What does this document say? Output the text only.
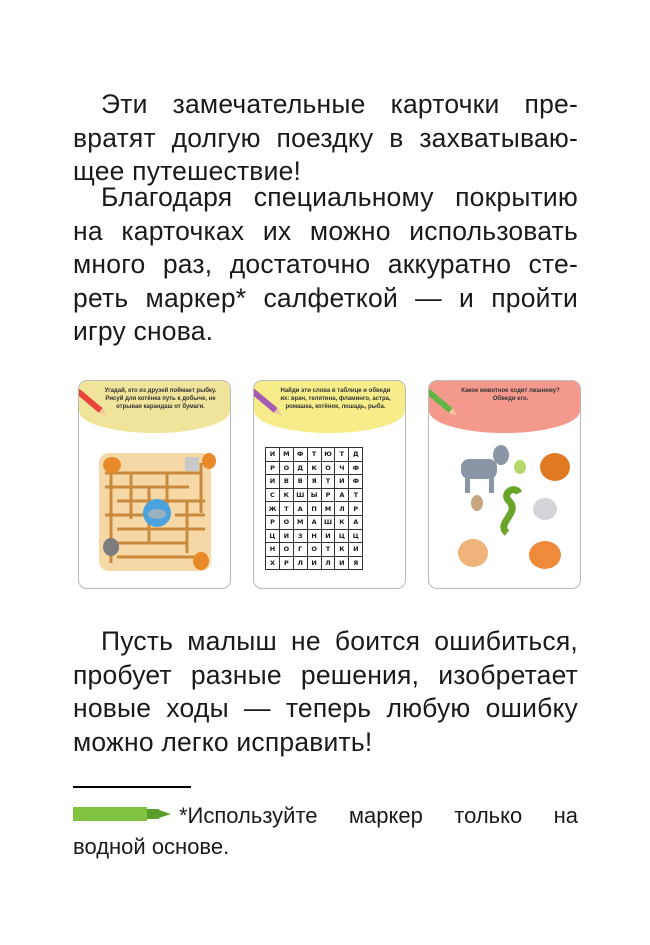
Эти замечательные карточки пре-вратят долгую поездку в захватываю-щее путешествие!

Благодаря специальному покрытию на карточках их можно использовать много раз, достаточно аккуратно сте-реть маркер* салфеткой — и пройти игру снова.

Угадай, кто из друзей поймает рыбку. Рисуй для котёнка путь к добыче, не отрывая карандаш от бумаги.
Найди эти слова в таблице и обведи их: врач, телятина, фламинго, астра, ромашка, котёнок, лошадь, рыба.
И	М	Ф	Т	Ю	Т	Д
Р	О	Д	К	О	Ч	Ф
И	В	В	Я	Т	И	Ф
С	К	Ш	Ы	Р	А	Т
Ж	Т	А	П	М	Л	Р
Р	О	М	А	Ш	К	А
Ц	И	З	Н	И	Ц	Ц
Н	О	Г	О	Т	К	И
Х	Р	Л	И	Л	И	Я
Какое животное ходит лишнему? Обведи его.

Пусть малыш не боится ошибиться, пробует разные решения, изобретает новые ходы — теперь любую ошибку можно легко исправить!

*Используйте маркер только на водной основе.
